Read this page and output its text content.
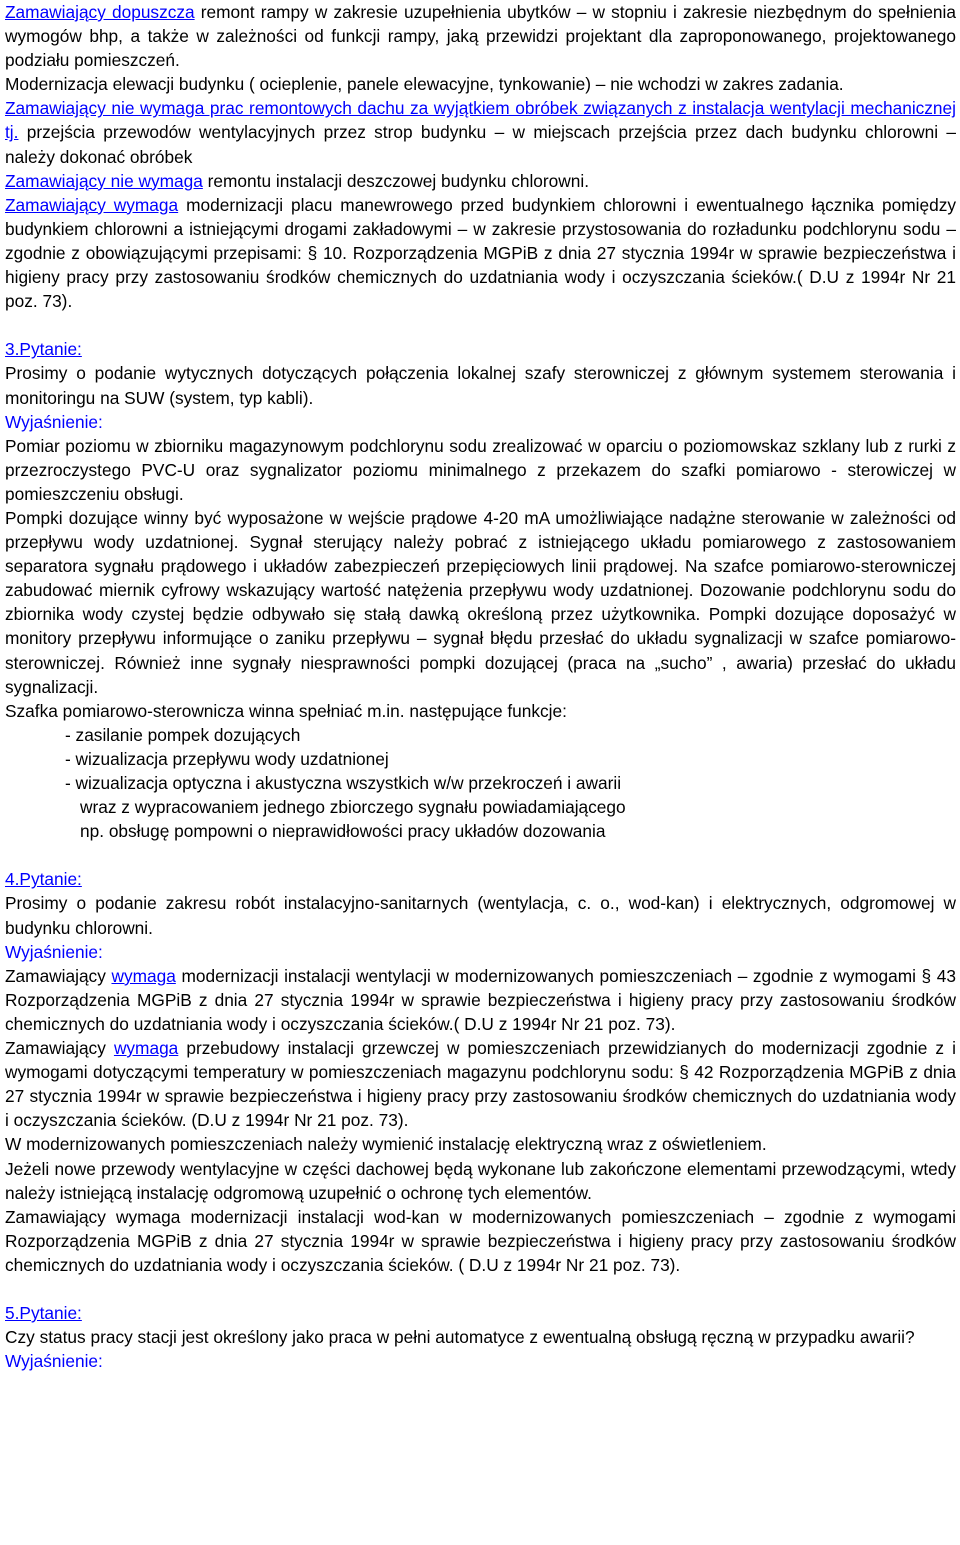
Zamawiający dopuszcza remont rampy w zakresie uzupełnienia ubytków – w stopniu i zakresie niezbędnym do spełnienia wymogów bhp, a także w zależności od funkcji rampy, jaką przewidzi projektant dla zaproponowanego, projektowanego podziału pomieszczeń.

Modernizacja elewacji budynku ( ocieplenie, panele elewacyjne, tynkowanie) – nie wchodzi w zakres zadania.

Zamawiający nie wymaga prac remontowych dachu za wyjątkiem obróbek związanych z instalacja wentylacji mechanicznej tj. przejścia przewodów wentylacyjnych przez strop budynku – w miejscach przejścia przez dach budynku chlorowni – należy dokonać obróbek

Zamawiający nie wymaga remontu instalacji deszczowej budynku chlorowni.

Zamawiający wymaga modernizacji placu manewrowego przed budynkiem chlorowni i ewentualnego łącznika pomiędzy budynkiem chlorowni a istniejącymi drogami zakładowymi – w zakresie przystosowania do rozładunku podchlorynu sodu – zgodnie z obowiązującymi przepisami: § 10. Rozporządzenia MGPiB z dnia 27 stycznia 1994r w sprawie bezpieczeństwa i higieny pracy przy zastosowaniu środków chemicznych do uzdatniania wody i oczyszczania ścieków.( D.U z 1994r Nr 21 poz. 73).

3.Pytanie:

Prosimy o podanie wytycznych dotyczących połączenia lokalnej szafy sterowniczej z głównym systemem sterowania i monitoringu na SUW (system, typ kabli).

Wyjaśnienie:

Pomiar poziomu w zbiorniku magazynowym podchlorynu sodu zrealizować w oparciu o poziomowskaz szklany lub z rurki z przezroczystego PVC-U oraz sygnalizator poziomu minimalnego z przekazem do szafki pomiarowo - sterowiczej w pomieszczeniu obsługi.

Pompki dozujące winny być wyposażone w wejście prądowe 4-20 mA umożliwiające nadążne sterowanie w zależności od przepływu wody uzdatnionej. Sygnał sterujący należy pobrać z istniejącego układu pomiarowego z zastosowaniem separatora sygnału prądowego i układów zabezpieczeń przepięciowych linii prądowej. Na szafce pomiarowo-sterowniczej zabudować miernik cyfrowy wskazujący wartość natężenia przepływu wody uzdatnionej. Dozowanie podchlorynu sodu do zbiornika wody czystej będzie odbywało się stałą dawką określoną przez użytkownika. Pompki dozujące doposażyć w monitory przepływu informujące o zaniku przepływu – sygnał błędu przesłać do układu sygnalizacji w szafce pomiarowo-sterowniczej. Również inne sygnały niesprawności pompki dozującej (praca na „sucho” , awaria) przesłać do układu sygnalizacji.

Szafka pomiarowo-sterownicza winna spełniać m.in. następujące funkcje:

- zasilanie pompek dozujących

- wizualizacja przepływu wody uzdatnionej

- wizualizacja optyczna i akustyczna wszystkich w/w przekroczeń i awarii

wraz z wypracowaniem jednego zbiorczego sygnału powiadamiającego

np. obsługę pompowni o nieprawidłowości pracy układów dozowania

4.Pytanie:

Prosimy o podanie zakresu robót instalacyjno-sanitarnych (wentylacja, c. o., wod-kan) i elektrycznych, odgromowej w budynku chlorowni.

Wyjaśnienie:

Zamawiający wymaga modernizacji instalacji wentylacji w modernizowanych pomieszczeniach – zgodnie z wymogami § 43 Rozporządzenia MGPiB z dnia 27 stycznia 1994r w sprawie bezpieczeństwa i higieny pracy przy zastosowaniu środków chemicznych do uzdatniania wody i oczyszczania ścieków.( D.U z 1994r Nr 21 poz. 73).

Zamawiający wymaga przebudowy instalacji grzewczej w pomieszczeniach przewidzianych do modernizacji zgodnie z i wymogami dotyczącymi temperatury w pomieszczeniach magazynu podchlorynu sodu: § 42 Rozporządzenia MGPiB z dnia 27 stycznia 1994r w sprawie bezpieczeństwa i higieny pracy przy zastosowaniu środków chemicznych do uzdatniania wody i oczyszczania ścieków. (D.U z 1994r Nr 21 poz. 73).

W modernizowanych pomieszczeniach należy wymienić instalację elektryczną wraz z oświetleniem.

Jeżeli nowe przewody wentylacyjne w części dachowej będą wykonane lub zakończone elementami przewodzącymi, wtedy należy istniejącą instalację odgromową uzupełnić o ochronę tych elementów.

Zamawiający wymaga modernizacji instalacji wod-kan w modernizowanych pomieszczeniach – zgodnie z wymogami Rozporządzenia MGPiB z dnia 27 stycznia 1994r w sprawie bezpieczeństwa i higieny pracy przy zastosowaniu środków chemicznych do uzdatniania wody i oczyszczania ścieków. ( D.U z 1994r Nr 21 poz. 73).

5.Pytanie:

Czy status pracy stacji jest określony jako praca w pełni automatyce z ewentualną obsługą ręczną w przypadku awarii?

Wyjaśnienie:
